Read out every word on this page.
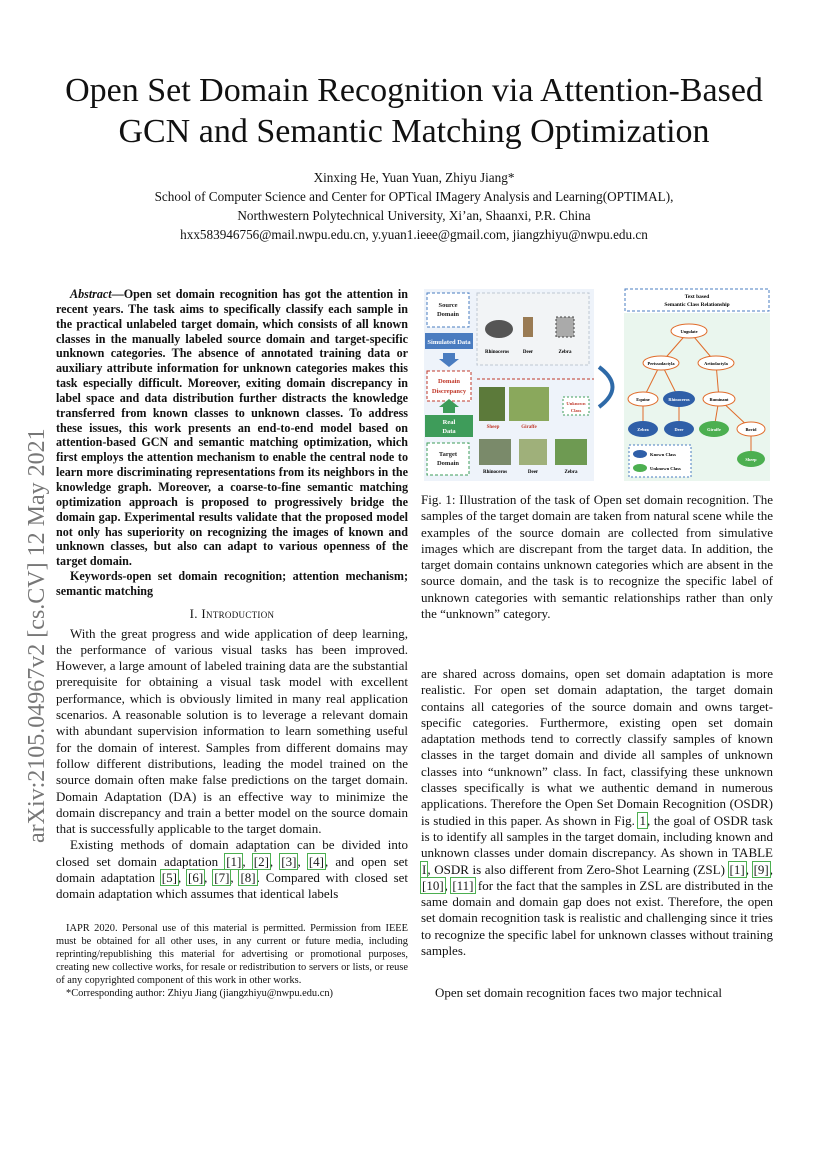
arXiv:2105.04967v2 [cs.CV] 12 May 2021
Open Set Domain Recognition via Attention-Based
GCN and Semantic Matching Optimization
Xinxing He, Yuan Yuan, Zhiyu Jiang*
School of Computer Science and Center for OPTical IMagery Analysis and Learning(OPTIMAL),
Northwestern Polytechnical University, Xi’an, Shaanxi, P.R. China
hxx583946756@mail.nwpu.edu.cn, y.yuan1.ieee@gmail.com, jiangzhiyu@nwpu.edu.cn

Abstract—Open set domain recognition has got the attention in recent years. The task aims to specifically classify each sample in the practical unlabeled target domain, which consists of all known classes in the manually labeled source domain and target-specific unknown categories. The absence of annotated training data or auxiliary attribute information for unknown categories makes this task especially difficult. Moreover, exiting domain discrepancy in label space and data distribution further distracts the knowledge transferred from known classes to unknown classes. To address these issues, this work presents an end-to-end model based on attention-based GCN and semantic matching optimization, which first employs the attention mechanism to enable the central node to learn more discriminating representations from its neighbors in the knowledge graph. Moreover, a coarse-to-fine semantic matching optimization approach is proposed to progressively bridge the domain gap. Experimental results validate that the proposed model not only has superiority on recognizing the images of known and unknown classes, but also can adapt to various openness of the target domain.

Keywords-open set domain recognition; attention mechanism; semantic matching

I. Introduction

With the great progress and wide application of deep learning, the performance of various visual tasks has been improved. However, a large amount of labeled training data are the substantial prerequisite for obtaining a visual task model with excellent performance, which is obviously limited in many real application scenarios. A reasonable solution is to leverage a relevant domain with abundant supervision information to learn something useful for the domain of interest. Samples from different domains may follow different distributions, leading the model trained on the source domain often make false predictions on the target domain. Domain Adaptation (DA) is an effective way to minimize the domain discrepancy and train a better model on the source domain that is successfully applicable to the target domain.

Existing methods of domain adaptation can be divided into closed set domain adaptation [1], [2], [3], [4], and open set domain adaptation [5], [6], [7], [8]. Compared with closed set domain adaptation which assumes that identical labels

IAPR 2020. Personal use of this material is permitted. Permission from IEEE must be obtained for all other uses, in any current or future media, including reprinting/republishing this material for advertising or promotional purposes, creating new collective works, for resale or redistribution to servers or lists, or reuse of any copyrighted component of this work in other works.

*Corresponding author: Zhiyu Jiang (jiangzhiyu@nwpu.edu.cn)

Source
Domain
Simulated Data
Domain
Discrepancy
Real
Data
Target
Domain
Rhinoceros	Deer	Zebra
Sheep	Giraffe
Unknown
Class
Rhinoceros	Deer	Zebra
Text based
Semantic Class Relationship
Ungulate
Perissodactyla	Artiodactyla
Equine	Rhinoceros	Ruminant
Zebra	Deer	Giraffe	Bovid
Sheep
Known Class
Unknown Class

Fig. 1: Illustration of the task of Open set domain recognition. The samples of the target domain are taken from natural scene while the examples of the source domain are collected from simulative images which are discrepant from the target data. In addition, the target domain contains unknown categories which are absent in the source domain, and the task is to recognize the specific label of unknown categories with semantic relationships rather than only the “unknown” category.

are shared across domains, open set domain adaptation is more realistic. For open set domain adaptation, the target domain contains all categories of the source domain and owns target-specific categories. Furthermore, existing open set domain adaptation methods tend to correctly classify samples of known classes in the target domain and divide all samples of unknown classes into “unknown” class. In fact, classifying these unknown classes specifically is what we authentic demand in numerous applications. Therefore the Open Set Domain Recognition (OSDR) is studied in this paper. As shown in Fig. 1, the goal of OSDR task is to identify all samples in the target domain, including known and unknown classes under domain discrepancy. As shown in TABLE I, OSDR is also different from Zero-Shot Learning (ZSL) [1], [9], [10], [11] for the fact that the samples in ZSL are distributed in the same domain and domain gap does not exist. Therefore, the open set domain recognition task is realistic and challenging since it tries to recognize the specific label for unknown classes without training samples.

Open set domain recognition faces two major technical
